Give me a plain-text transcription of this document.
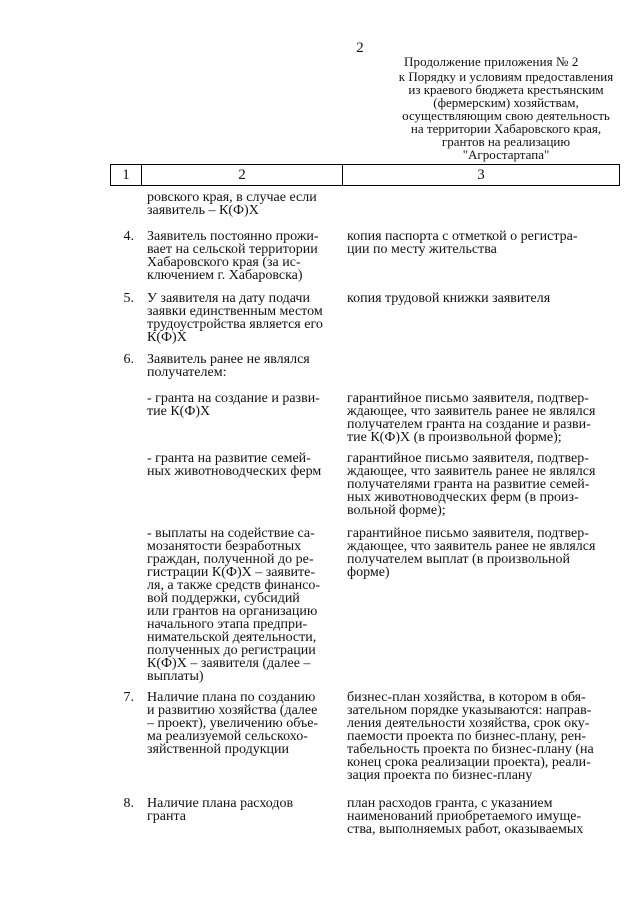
2
Продолжение приложения № 2
к Порядку и условиям предоставления
из краевого бюджета крестьянским
(фермерским) хозяйствам,
осуществляющим свою деятельность
на территории Хабаровского края,
грантов на реализацию
"Агростартапа"
1	2	3
ровского края, в случае если
заявитель – К(Ф)Х
4. Заявитель постоянно прожи-
вает на сельской территории
Хабаровского края (за ис-
ключением г. Хабаровска)
копия паспорта с отметкой о регистра-
ции по месту жительства
5. У заявителя на дату подачи
заявки единственным местом
трудоустройства является его
К(Ф)Х
копия трудовой книжки заявителя
6. Заявитель ранее не являлся
получателем:
- гранта на создание и разви-
тие К(Ф)Х
гарантийное письмо заявителя, подтвер-
ждающее, что заявитель ранее не являлся
получателем гранта на создание и разви-
тие К(Ф)Х (в произвольной форме);
- гранта на развитие семей-
ных животноводческих ферм
гарантийное письмо заявителя, подтвер-
ждающее, что заявитель ранее не являлся
получателями гранта на развитие семей-
ных животноводческих ферм (в произ-
вольной форме);
- выплаты на содействие са-
мозанятости безработных
граждан, полученной до ре-
гистрации К(Ф)Х – заявите-
ля, а также средств финансо-
вой поддержки, субсидий
или грантов на организацию
начального этапа предпри-
нимательской деятельности,
полученных до регистрации
К(Ф)Х – заявителя (далее –
выплаты)
гарантийное письмо заявителя, подтвер-
ждающее, что заявитель ранее не являлся
получателем выплат (в произвольной
форме)
7. Наличие плана по созданию
и развитию хозяйства (далее
– проект), увеличению объе-
ма реализуемой сельскохо-
зяйственной продукции
бизнес-план хозяйства, в котором в обя-
зательном порядке указываются: направ-
ления деятельности хозяйства, срок оку-
паемости проекта по бизнес-плану, рен-
табельность проекта по бизнес-плану (на
конец срока реализации проекта), реали-
зация проекта по бизнес-плану
8. Наличие плана расходов
гранта
план расходов гранта, с указанием
наименований приобретаемого имуще-
ства, выполняемых работ, оказываемых
